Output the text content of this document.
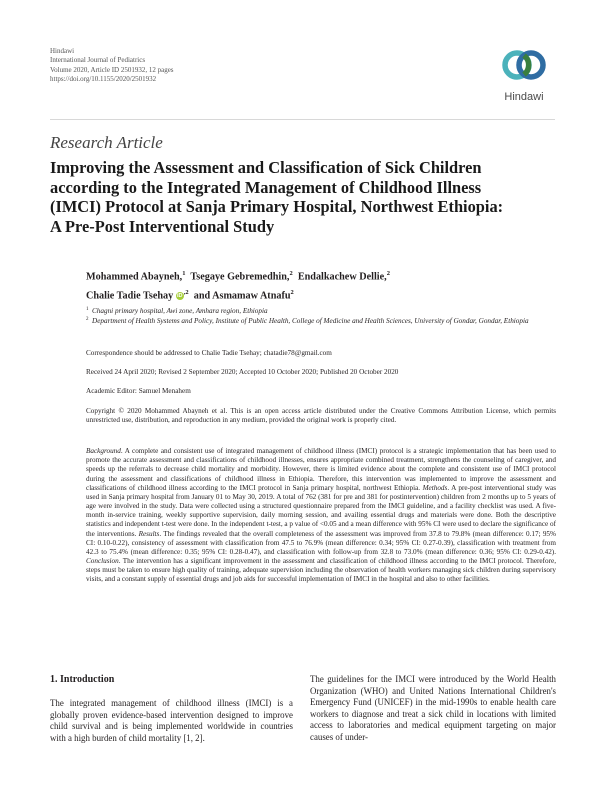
Hindawi
International Journal of Pediatrics
Volume 2020, Article ID 2501932, 12 pages
https://doi.org/10.1155/2020/2501932
Hindawi
Research Article
Improving the Assessment and Classification of Sick Children
according to the Integrated Management of Childhood Illness
(IMCI) Protocol at Sanja Primary Hospital, Northwest Ethiopia:
A Pre-Post Interventional Study
Mohammed Abayneh,$^1$ Tsegaye Gebremedhin,$^2$ Endalkachew Dellie,$^2$
Chalie Tadie Tsehay $iD^{,2}$ and Asmamaw Atnafu$^2$
1 Chagni primary hospital, Awi zone, Amhara region, Ethiopia
2 Department of Health Systems and Policy, Institute of Public Health, College of Medicine and Health Sciences, University of Gondar, Gondar, Ethiopia
Correspondence should be addressed to Chalie Tadie Tsehay; chatadie78@gmail.com
Received 24 April 2020; Revised 2 September 2020; Accepted 10 October 2020; Published 20 October 2020
Academic Editor: Samuel Menahem
Copyright © 2020 Mohammed Abayneh et al. This is an open access article distributed under the Creative Commons Attribution License, which permits unrestricted use, distribution, and reproduction in any medium, provided the original work is properly cited.
Background. A complete and consistent use of integrated management of childhood illness (IMCI) protocol is a strategic implementation that has been used to promote the accurate assessment and classifications of childhood illnesses, ensures appropriate combined treatment, strengthens the counseling of caregiver, and speeds up the referrals to decrease child mortality and morbidity. However, there is limited evidence about the complete and consistent use of IMCI protocol during the assessment and classifications of childhood illness in Ethiopia. Therefore, this intervention was implemented to improve the assessment and classifications of childhood illness according to the IMCI protocol in Sanja primary hospital, northwest Ethiopia. Methods. A pre-post interventional study was used in Sanja primary hospital from January 01 to May 30, 2019. A total of 762 (381 for pre and 381 for postintervention) children from 2 months up to 5 years of age were involved in the study. Data were collected using a structured questionnaire prepared from the IMCI guideline, and a facility checklist was used. A five-month in-service training, weekly supportive supervision, daily morning session, and availing essential drugs and materials were done. Both the descriptive statistics and independent t-test were done. In the independent t-test, a p value of <0.05 and a mean difference with 95% CI were used to declare the significance of the interventions. Results. The findings revealed that the overall completeness of the assessment was improved from 37.8 to 79.8% (mean difference: 0.17; 95% CI: 0.10-0.22), consistency of assessment with classification from 47.5 to 76.9% (mean difference: 0.34; 95% CI: 0.27-0.39), classification with treatment from 42.3 to 75.4% (mean difference: 0.35; 95% CI: 0.28-0.47), and classification with follow-up from 32.8 to 73.0% (mean difference: 0.36; 95% CI: 0.29-0.42). Conclusion. The intervention has a significant improvement in the assessment and classification of childhood illness according to the IMCI protocol. Therefore, steps must be taken to ensure high quality of training, adequate supervision including the observation of health workers managing sick children during supervisory visits, and a constant supply of essential drugs and job aids for successful implementation of IMCI in the hospital and also to other facilities.
1. Introduction

The integrated management of childhood illness (IMCI) is a globally proven evidence-based intervention designed to improve child survival and is being implemented worldwide in countries with a high burden of child mortality [1, 2].

The guidelines for the IMCI were introduced by the World Health Organization (WHO) and United Nations International Children's Emergency Fund (UNICEF) in the mid-1990s to enable health care workers to diagnose and treat a sick child in locations with limited access to laboratories and medical equipment targeting on major causes of under-
